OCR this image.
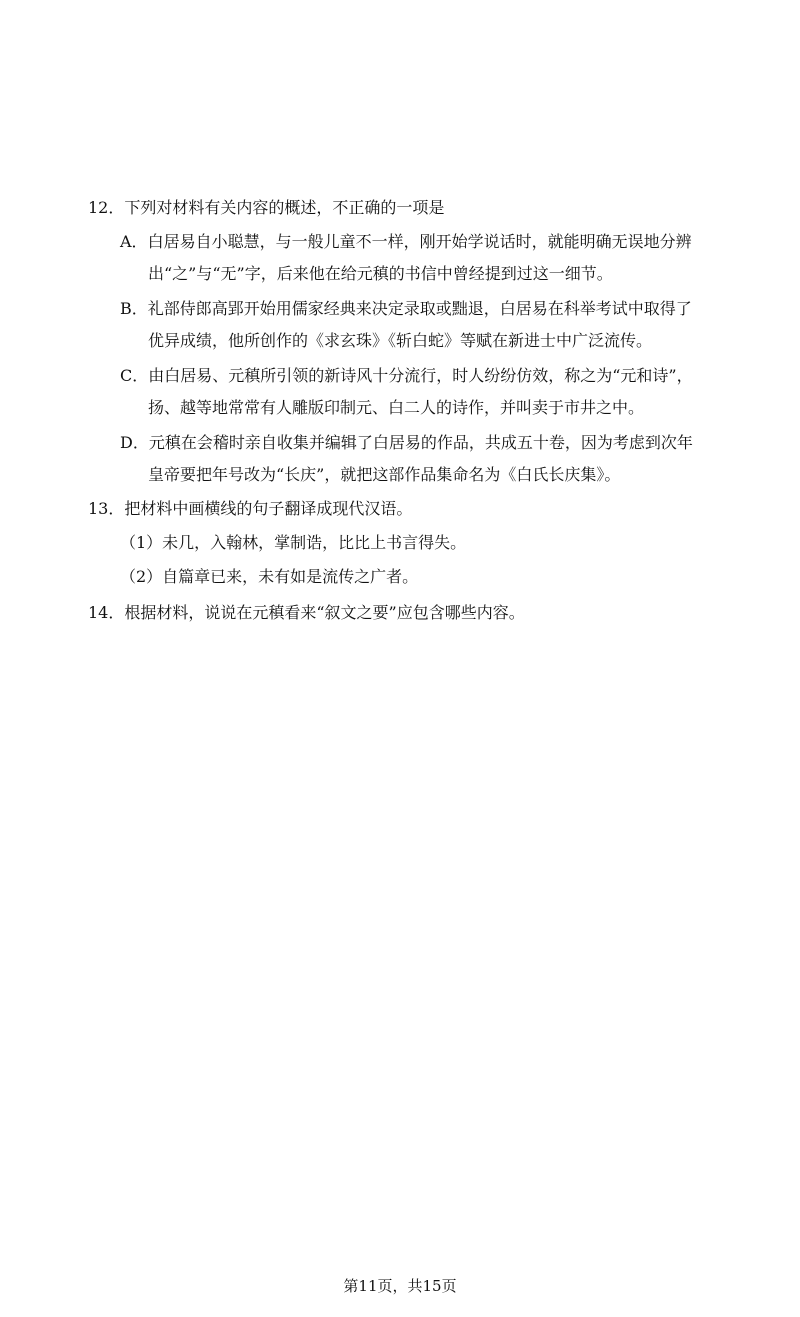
12．下列对材料有关内容的概述，不正确的一项是
A．白居易自小聪慧，与一般儿童不一样，刚开始学说话时，就能明确无误地分辨
出“之”与“无”字，后来他在给元稹的书信中曾经提到过这一细节。
B．礼部侍郎高郢开始用儒家经典来决定录取或黜退，白居易在科举考试中取得了
优异成绩，他所创作的《求玄珠》《斩白蛇》等赋在新进士中广泛流传。
C．由白居易、元稹所引领的新诗风十分流行，时人纷纷仿效，称之为“元和诗”，
扬、越等地常常有人雕版印制元、白二人的诗作，并叫卖于市井之中。
D．元稹在会稽时亲自收集并编辑了白居易的作品，共成五十卷，因为考虑到次年
皇帝要把年号改为“长庆”，就把这部作品集命名为《白氏长庆集》。
13．把材料中画横线的句子翻译成现代汉语。
（1）未几，入翰林，掌制诰，比比上书言得失。
（2）自篇章已来，未有如是流传之广者。
14．根据材料，说说在元稹看来“叙文之要”应包含哪些内容。
第11页，共15页
